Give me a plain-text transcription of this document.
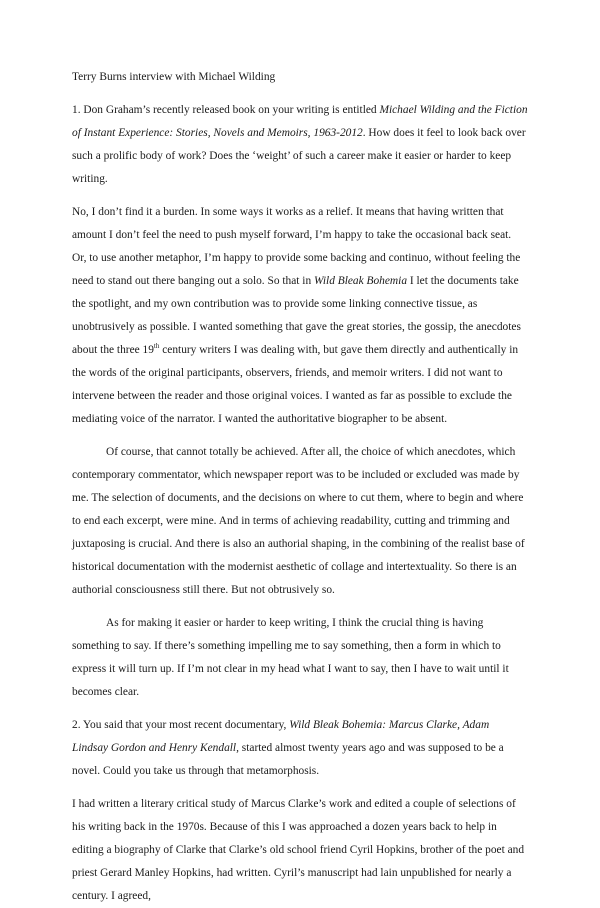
Terry Burns interview with Michael Wilding

1. Don Graham’s recently released book on your writing is entitled Michael Wilding and the Fiction of Instant Experience: Stories, Novels and Memoirs, 1963-2012. How does it feel to look back over such a prolific body of work? Does the ‘weight’ of such a career make it easier or harder to keep writing.

No, I don’t find it a burden. In some ways it works as a relief. It means that having written that amount I don’t feel the need to push myself forward, I’m happy to take the occasional back seat. Or, to use another metaphor, I’m happy to provide some backing and continuo, without feeling the need to stand out there banging out a solo. So that in Wild Bleak Bohemia I let the documents take the spotlight, and my own contribution was to provide some linking connective tissue, as unobtrusively as possible. I wanted something that gave the great stories, the gossip, the anecdotes about the three 19th century writers I was dealing with, but gave them directly and authentically in the words of the original participants, observers, friends, and memoir writers. I did not want to intervene between the reader and those original voices. I wanted as far as possible to exclude the mediating voice of the narrator. I wanted the authoritative biographer to be absent.

Of course, that cannot totally be achieved. After all, the choice of which anecdotes, which contemporary commentator, which newspaper report was to be included or excluded was made by me. The selection of documents, and the decisions on where to cut them, where to begin and where to end each excerpt, were mine. And in terms of achieving readability, cutting and trimming and juxtaposing is crucial. And there is also an authorial shaping, in the combining of the realist base of historical documentation with the modernist aesthetic of collage and intertextuality. So there is an authorial consciousness still there. But not obtrusively so.

As for making it easier or harder to keep writing, I think the crucial thing is having something to say. If there’s something impelling me to say something, then a form in which to express it will turn up. If I’m not clear in my head what I want to say, then I have to wait until it becomes clear.

2. You said that your most recent documentary, Wild Bleak Bohemia: Marcus Clarke, Adam Lindsay Gordon and Henry Kendall, started almost twenty years ago and was supposed to be a novel. Could you take us through that metamorphosis.

I had written a literary critical study of Marcus Clarke’s work and edited a couple of selections of his writing back in the 1970s. Because of this I was approached a dozen years back to help in editing a biography of Clarke that Clarke’s old school friend Cyril Hopkins, brother of the poet and priest Gerard Manley Hopkins, had written. Cyril’s manuscript had lain unpublished for nearly a century. I agreed,
